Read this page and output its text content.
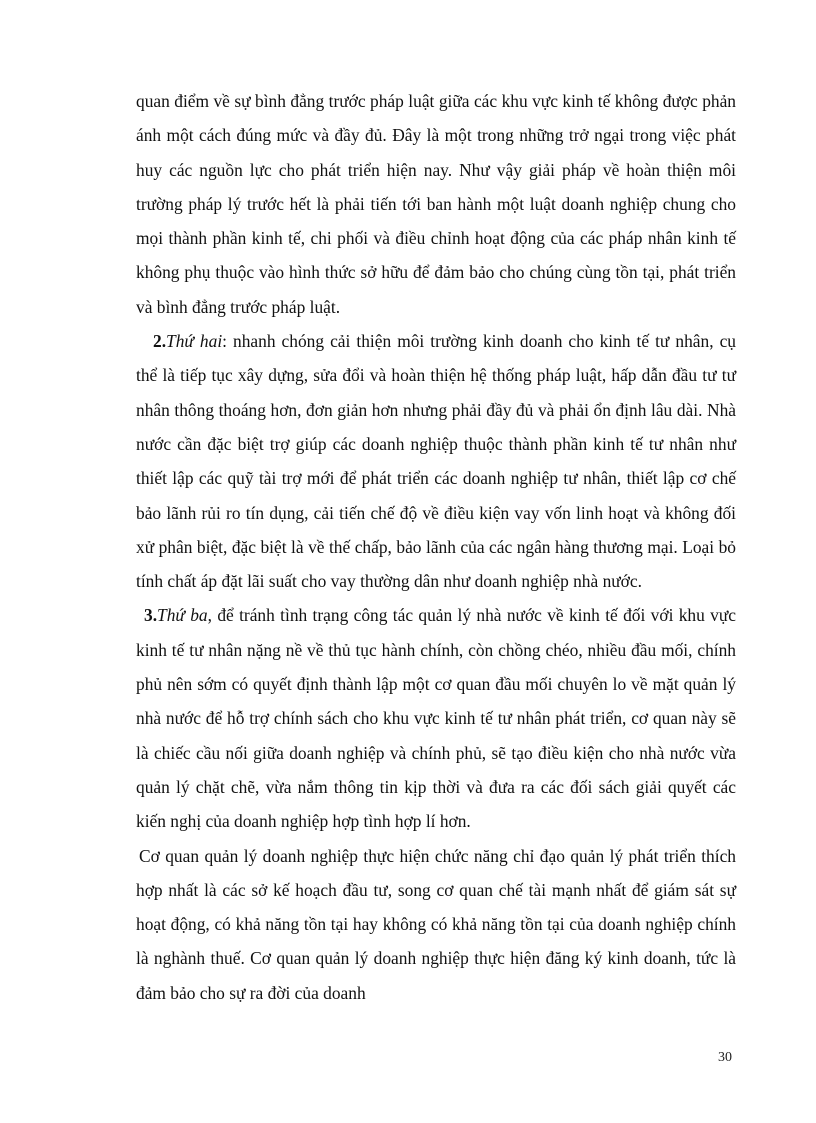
quan điểm về sự bình đẳng trước pháp luật giữa các khu vực kinh tế không được phản ánh một cách đúng mức và đầy đủ. Đây là một trong những trở ngại trong việc phát huy các nguồn lực cho phát triển hiện nay. Như vậy giải pháp về hoàn thiện môi trường pháp lý trước hết là phải tiến tới ban hành một luật doanh nghiệp chung cho mọi thành phần kinh tế, chi phối và điều chỉnh hoạt động của các pháp nhân kinh tế không phụ thuộc vào hình thức sở hữu để đảm bảo cho chúng cùng tồn tại, phát triển và bình đẳng trước pháp luật.

2.Thứ hai: nhanh chóng cải thiện môi trường kinh doanh cho kinh tế tư nhân, cụ thể là tiếp tục xây dựng, sửa đổi và hoàn thiện hệ thống pháp luật, hấp dẫn đầu tư tư nhân thông thoáng hơn, đơn giản hơn nhưng phải đầy đủ và phải ổn định lâu dài. Nhà nước cần đặc biệt trợ giúp các doanh nghiệp thuộc thành phần kinh tế tư nhân như thiết lập các quỹ tài trợ mới để phát triển các doanh nghiệp tư nhân, thiết lập cơ chế bảo lãnh rủi ro tín dụng, cải tiến chế độ về điều kiện vay vốn linh hoạt và không đối xử phân biệt, đặc biệt là về thế chấp, bảo lãnh của các ngân hàng thương mại. Loại bỏ tính chất áp đặt lãi suất cho vay thường dân như doanh nghiệp nhà nước.

3.Thứ ba, để tránh tình trạng công tác quản lý nhà nước về kinh tế đối với khu vực kinh tế tư nhân nặng nề về thủ tục hành chính, còn chồng chéo, nhiều đầu mối, chính phủ nên sớm có quyết định thành lập một cơ quan đầu mối chuyên lo về mặt quản lý nhà nước để hỗ trợ chính sách cho khu vực kinh tế tư nhân phát triển, cơ quan này sẽ là chiếc cầu nối giữa doanh nghiệp và chính phủ, sẽ tạo điều kiện cho nhà nước vừa quản lý chặt chẽ, vừa nắm thông tin kịp thời và đưa ra các đối sách giải quyết các kiến nghị của doanh nghiệp hợp tình hợp lí hơn.

Cơ quan quản lý doanh nghiệp thực hiện chức năng chỉ đạo quản lý phát triển thích hợp nhất là các sở kế hoạch đầu tư, song cơ quan chế tài mạnh nhất để giám sát sự hoạt động, có khả năng tồn tại hay không có khả năng tồn tại của doanh nghiệp chính là nghành thuế. Cơ quan quản lý doanh nghiệp thực hiện đăng ký kinh doanh, tức là đảm bảo cho sự ra đời của doanh

30
